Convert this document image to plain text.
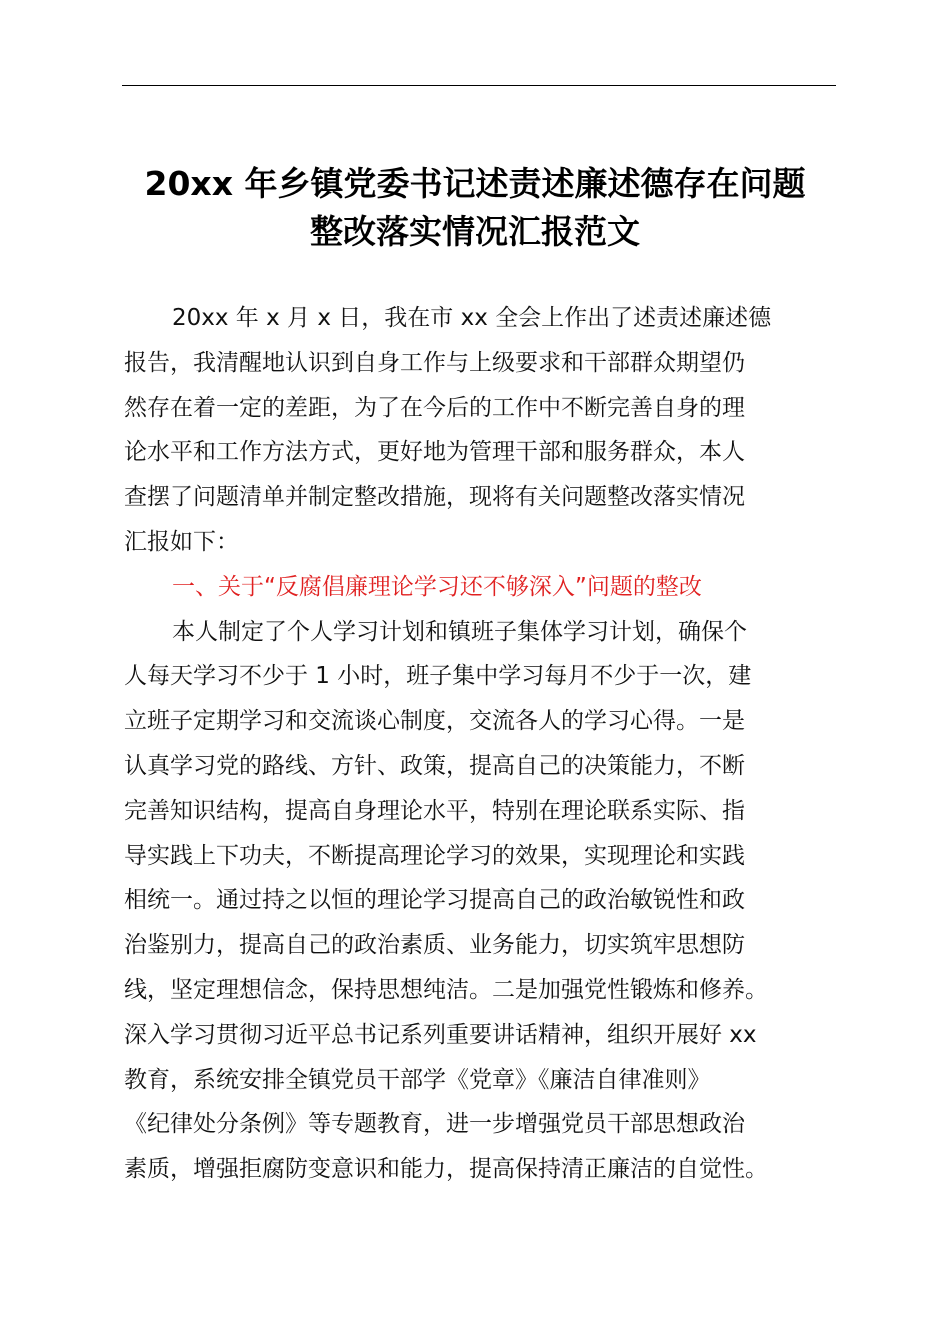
20xx 年乡镇党委书记述责述廉述德存在问题
整改落实情况汇报范文
20xx 年 x 月 x 日，我在市 xx 全会上作出了述责述廉述德
报告，我清醒地认识到自身工作与上级要求和干部群众期望仍
然存在着一定的差距，为了在今后的工作中不断完善自身的理
论水平和工作方法方式，更好地为管理干部和服务群众，本人
查摆了问题清单并制定整改措施，现将有关问题整改落实情况
汇报如下：
一、关于“反腐倡廉理论学习还不够深入”问题的整改
本人制定了个人学习计划和镇班子集体学习计划，确保个
人每天学习不少于 1 小时，班子集中学习每月不少于一次，建
立班子定期学习和交流谈心制度，交流各人的学习心得。一是
认真学习党的路线、方针、政策，提高自己的决策能力，不断
完善知识结构，提高自身理论水平，特别在理论联系实际、指
导实践上下功夫，不断提高理论学习的效果，实现理论和实践
相统一。通过持之以恒的理论学习提高自己的政治敏锐性和政
治鉴别力，提高自己的政治素质、业务能力，切实筑牢思想防
线，坚定理想信念，保持思想纯洁。二是加强党性锻炼和修养。
深入学习贯彻习近平总书记系列重要讲话精神，组织开展好 xx
教育，系统安排全镇党员干部学《党章》《廉洁自律准则》
《纪律处分条例》等专题教育，进一步增强党员干部思想政治
素质，增强拒腐防变意识和能力，提高保持清正廉洁的自觉性。
